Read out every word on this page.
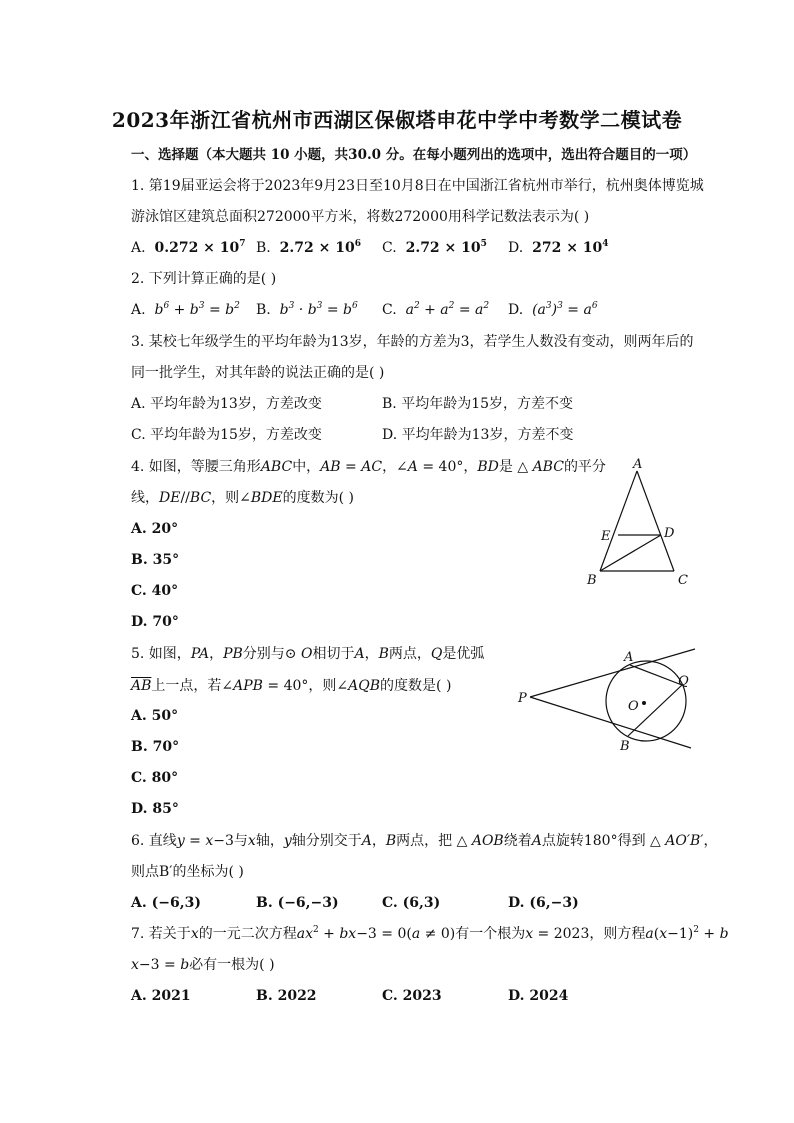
2023年浙江省杭州市西湖区保俶塔申花中学中考数学二模试卷
一、选择题（本大题共 10 小题，共30.0 分。在每小题列出的选项中，选出符合题目的一项）
1. 第19届亚运会将于2023年9月23日至10月8日在中国浙江省杭州市举行，杭州奥体博览城
游泳馆区建筑总面积272000平方米，将数272000用科学记数法表示为( )
A. $0.272 \times 10^7$ B. $2.72 \times 10^6$ C. $2.72 \times 10^5$ D. $272 \times 10^4$
2. 下列计算正确的是( )
A.  $b^6 + b^3 = b^2$ B.  $b^3 \cdot b^3 = b^6$ C.  $a^2 + a^2 = a^2$ D.  $(a^3)^3 = a^6$
3. 某校七年级学生的平均年龄为13岁，年龄的方差为3，若学生人数没有变动，则两年后的
同一批学生，对其年龄的说法正确的是( )
A. 平均年龄为13岁，方差改变	B. 平均年龄为15岁，方差不变
C. 平均年龄为15岁，方差改变	D. 平均年龄为13岁，方差不变
4. 如图，等腰三角形ABC中，AB = AC，∠A = 40°，BD是 △ ABC的平分
线，DE//BC，则∠BDE的度数为( )
A. 20°
B. 35°
C. 40°
D. 70°
A
E	D
B	C
5. 如图，PA，PB分别与⊙ O相切于A，B两点，Q是优弧
$\overline{AB}$上一点，若∠APB = 40°，则∠AQB的度数是( )
A. 50°
B. 70°
C. 80°
D. 85°
A
Q
P
O
B
6. 直线y = x−3与x轴，y轴分别交于A，B两点，把 △ AOB绕着A点旋转180°得到 △ AO′B′，
则点B′的坐标为( )
A. (−6,3)	B. (−6,−3)	C. (6,3)	D. (6,−3)
7. 若关于x的一元二次方程$ax^2 + bx-3 = 0(a \ne 0)$有一个根为x = 2023，则方程$a(x-1)^2 + b$
x−3 = b必有一根为( )
A. 2021	B. 2022	C. 2023	D. 2024
